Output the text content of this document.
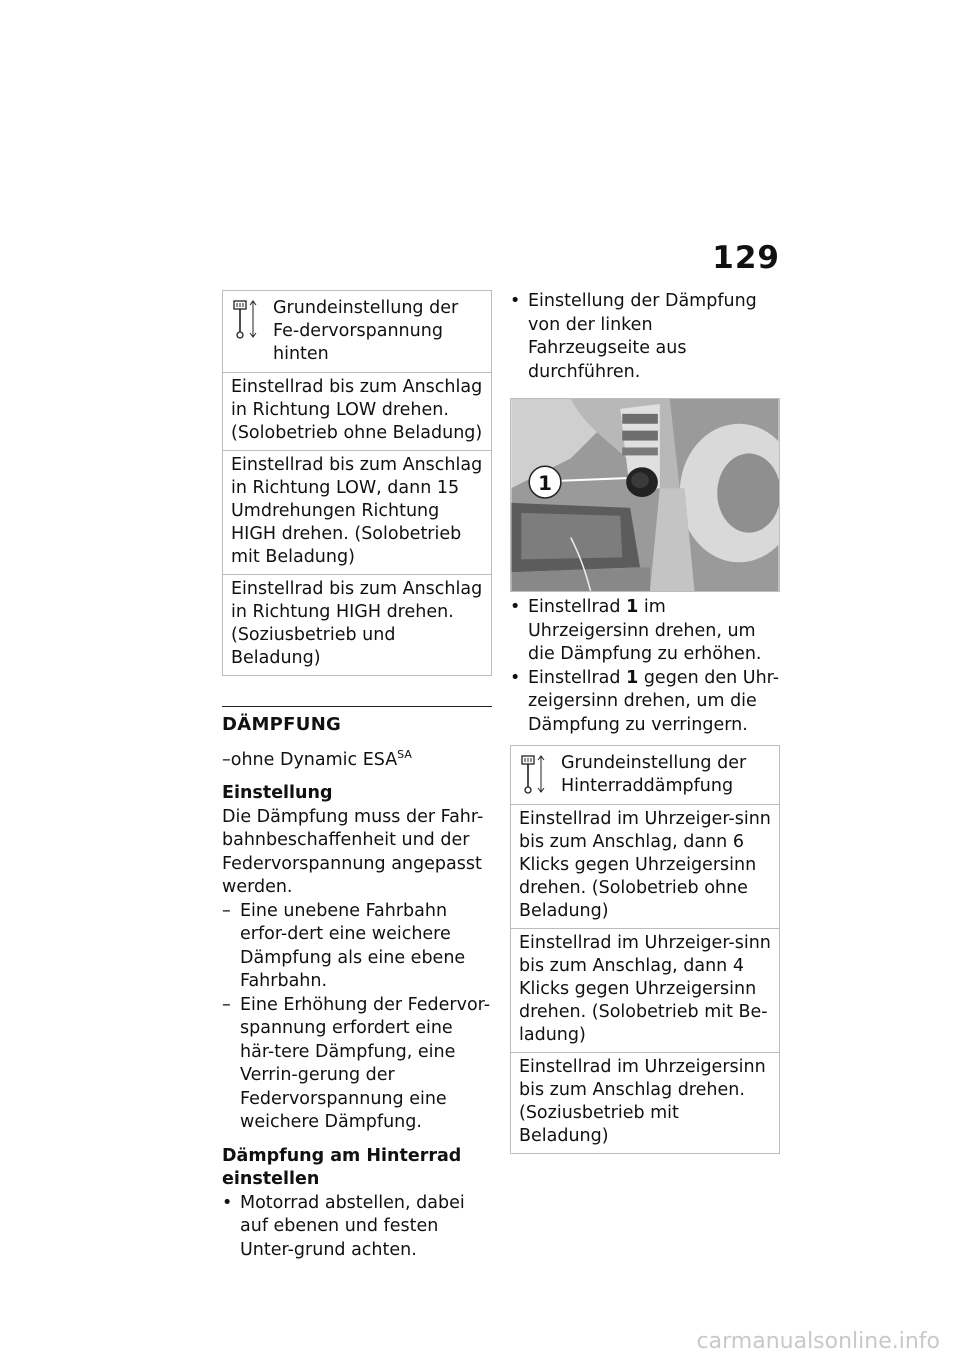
129
Grundeinstellung der Fe-dervorspannung hinten
Einstellrad bis zum Anschlag in Richtung LOW drehen. (Solobetrieb ohne Beladung)
Einstellrad bis zum Anschlag in Richtung LOW, dann 15 Umdrehungen Richtung HIGH drehen. (Solobetrieb mit Beladung)
Einstellrad bis zum Anschlag in Richtung HIGH drehen. (Soziusbetrieb und Beladung)
DÄMPFUNG
–ohne Dynamic $ESA^{SA}$
Einstellung

Die Dämpfung muss der Fahr-bahnbeschaffenheit und der Federvorspannung angepasst werden.

– Eine unebene Fahrbahn erfor-dert eine weichere Dämpfung als eine ebene Fahrbahn.
– Eine Erhöhung der Federvor-spannung erfordert eine här-tere Dämpfung, eine Verrin-gerung der Federvorspannung eine weichere Dämpfung.
Dämpfung am Hinterrad einstellen
• Motorrad abstellen, dabei auf ebenen und festen Unter-grund achten.
• Einstellung der Dämpfung von der linken Fahrzeugseite aus durchführen.
1
• Einstellrad 1 im Uhrzeigersinn drehen, um die Dämpfung zu erhöhen.
• Einstellrad 1 gegen den Uhr-zeigersinn drehen, um die Dämpfung zu verringern.
Grundeinstellung der Hinterraddämpfung
Einstellrad im Uhrzeiger-sinn bis zum Anschlag, dann 6 Klicks gegen Uhrzeigersinn drehen. (Solobetrieb ohne Beladung)
Einstellrad im Uhrzeiger-sinn bis zum Anschlag, dann 4 Klicks gegen Uhrzeigersinn drehen. (Solobetrieb mit Be-ladung)
Einstellrad im Uhrzeigersinn bis zum Anschlag drehen. (Soziusbetrieb mit Beladung)
carmanualsonline.info
